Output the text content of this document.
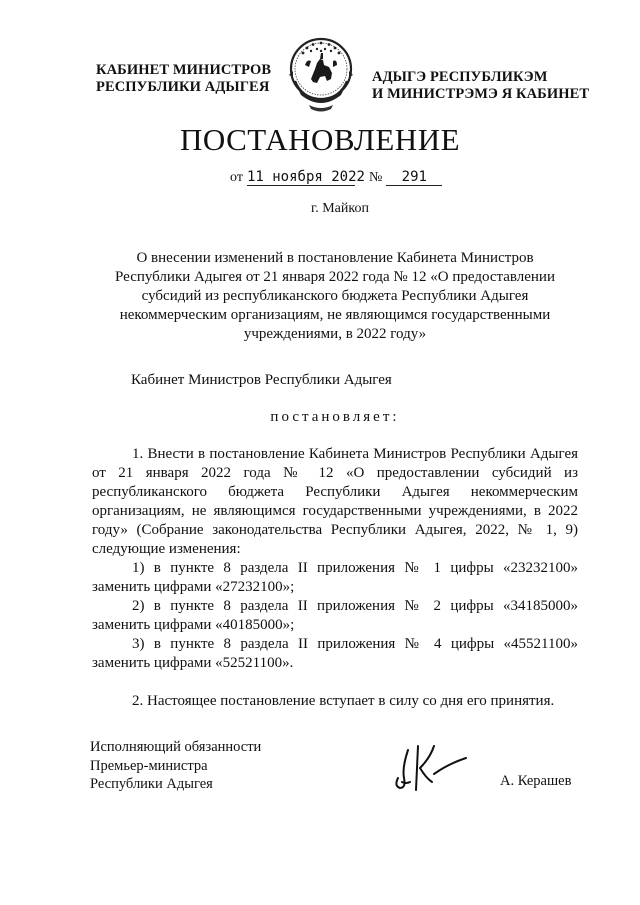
КАБИНЕТ МИНИСТРОВ
РЕСПУБЛИКИ АДЫГЕЯ
АДЫГЭ РЕСПУБЛИКЭМ
И МИНИСТРЭМЭ Я КАБИНЕТ
ПОСТАНОВЛЕНИЕ
от 11 ноября 2022 № 291
г. Майкоп
О внесении изменений в постановление Кабинета Министров Республики Адыгея от 21 января 2022 года № 12 «О предоставлении субсидий из республиканского бюджета Республики Адыгея некоммерческим организациям, не являющимся государственными учреждениями, в 2022 году»
Кабинет Министров Республики Адыгея
постановляет:

1. Внести в постановление Кабинета Министров Республики Адыгея от 21 января 2022 года № 12 «О предоставлении субсидий из республиканского бюджета Республики Адыгея некоммерческим организациям, не являющимся государственными учреждениями, в 2022 году» (Собрание законодательства Республики Адыгея, 2022, № 1, 9) следующие изменения:

1) в пункте 8 раздела II приложения № 1 цифры «23232100» заменить цифрами «27232100»;

2) в пункте 8 раздела II приложения № 2 цифры «34185000» заменить цифрами «40185000»;

3) в пункте 8 раздела II приложения № 4 цифры «45521100» заменить цифрами «52521100».

2. Настоящее постановление вступает в силу со дня его принятия.

Исполняющий обязанности
Премьер-министра
Республики Адыгея	А. Керашев
